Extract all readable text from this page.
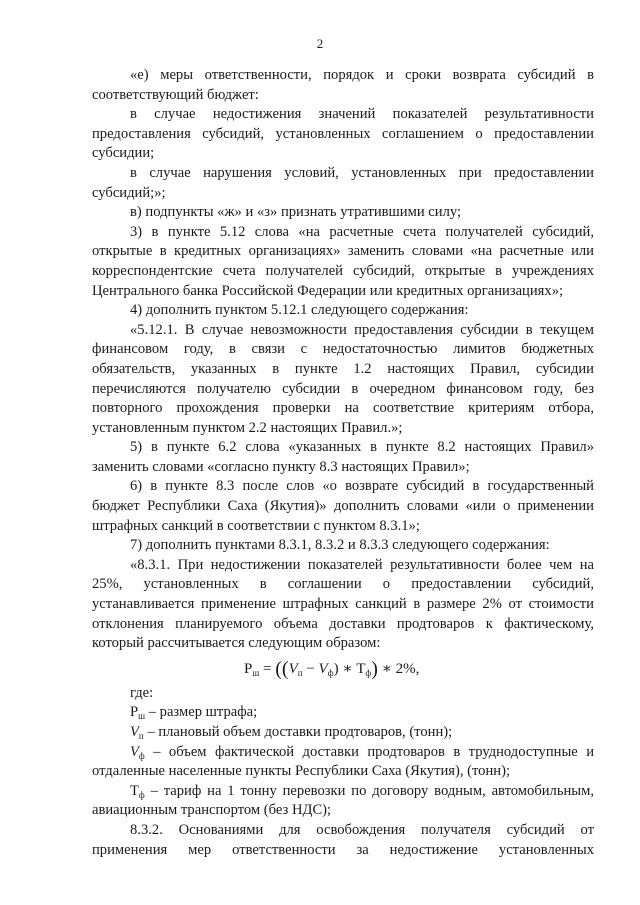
2

«е) меры ответственности, порядок и сроки возврата субсидий в соответствующий бюджет:

в случае недостижения значений показателей результативности предоставления субсидий, установленных соглашением о предоставлении субсидии;

в случае нарушения условий, установленных при предоставлении субсидий;»;

в) подпункты «ж» и «з» признать утратившими силу;

3) в пункте 5.12 слова «на расчетные счета получателей субсидий, открытые в кредитных организациях» заменить словами «на расчетные или корреспондентские счета получателей субсидий, открытые в учреждениях Центрального банка Российской Федерации или кредитных организациях»;

4) дополнить пунктом 5.12.1 следующего содержания:

«5.12.1. В случае невозможности предоставления субсидии в текущем финансовом году, в связи с недостаточностью лимитов бюджетных обязательств, указанных в пункте 1.2 настоящих Правил, субсидии перечисляются получателю субсидии в очередном финансовом году, без повторного прохождения проверки на соответствие критериям отбора, установленным пунктом 2.2 настоящих Правил.»;

5) в пункте 6.2 слова «указанных в пункте 8.2 настоящих Правил» заменить словами «согласно пункту 8.3 настоящих Правил»;

6) в пункте 8.3 после слов «о возврате субсидий в государственный бюджет Республики Саха (Якутия)» дополнить словами «или о применении штрафных санкций в соответствии с пунктом 8.3.1»;

7) дополнить пунктами 8.3.1, 8.3.2 и 8.3.3 следующего содержания:

«8.3.1. При недостижении показателей результативности более чем на 25%, установленных в соглашении о предоставлении субсидий, устанавливается применение штрафных санкций в размере 2% от стоимости отклонения планируемого объема доставки продтоваров к фактическому, который рассчитывается следующим образом:

$Р_ш = ((V_п - V_ф)$ ∗ $Т_ф$) ∗ 2%,

где:

$Р_ш$ – размер штрафа;

$V_п$ – плановый объем доставки продтоваров, (тонн);

$V_ф$ – объем фактической доставки продтоваров в труднодоступные и отдаленные населенные пункты Республики Саха (Якутия), (тонн);

$Т_ф$ – тариф на 1 тонну перевозки по договору водным, автомобильным, авиационным транспортом (без НДС);

8.3.2. Основаниями для освобождения получателя субсидий от применения мер ответственности за недостижение установленных
